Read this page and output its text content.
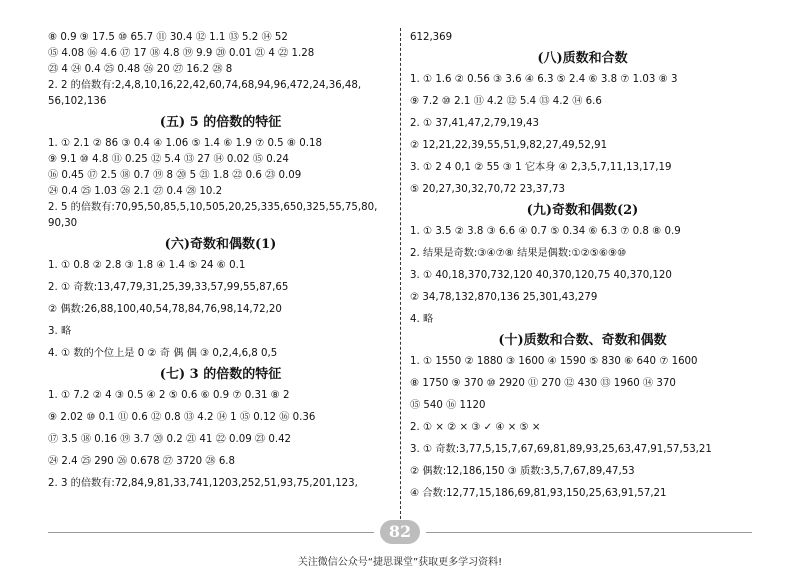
⑧ 0.9 ⑨ 17.5 ⑩ 65.7 ⑪ 30.4 ⑫ 1.1 ⑬ 5.2 ⑭ 52
⑮ 4.08 ⑯ 4.6 ⑰ 17 ⑱ 4.8 ⑲ 9.9 ⑳ 0.01 ㉑ 4 ㉒ 1.28
㉓ 4 ㉔ 0.4 ㉕ 0.48 ㉖ 20 ㉗ 16.2 ㉘ 8
2. 2 的倍数有:2,4,8,10,16,22,42,60,74,68,94,96,472,24,36,48,
56,102,136
(五) 5 的倍数的特征
1. ① 2.1 ② 86 ③ 0.4 ④ 1.06 ⑤ 1.4 ⑥ 1.9 ⑦ 0.5 ⑧ 0.18
⑨ 9.1 ⑩ 4.8 ⑪ 0.25 ⑫ 5.4 ⑬ 27 ⑭ 0.02 ⑮ 0.24
⑯ 0.45 ⑰ 2.5 ⑱ 0.7 ⑲ 8 ⑳ 5 ㉑ 1.8 ㉒ 0.6 ㉓ 0.09
㉔ 0.4 ㉕ 1.03 ㉖ 2.1 ㉗ 0.4 ㉘ 10.2
2. 5 的倍数有:70,95,50,85,5,10,505,20,25,335,650,325,55,75,80,
90,30
(六)奇数和偶数(1)
1. ① 0.8 ② 2.8 ③ 1.8 ④ 1.4 ⑤ 24 ⑥ 0.1
2. ① 奇数:13,47,79,31,25,39,33,57,99,55,87,65
② 偶数:26,88,100,40,54,78,84,76,98,14,72,20
3. 略
4. ① 数的个位上是 0 ② 奇 偶 偶 ③ 0,2,4,6,8 0,5
(七) 3 的倍数的特征
1. ① 7.2 ② 4 ③ 0.5 ④ 2 ⑤ 0.6 ⑥ 0.9 ⑦ 0.31 ⑧ 2
⑨ 2.02 ⑩ 0.1 ⑪ 0.6 ⑫ 0.8 ⑬ 4.2 ⑭ 1 ⑮ 0.12 ⑯ 0.36
⑰ 3.5 ⑱ 0.16 ⑲ 3.7 ⑳ 0.2 ㉑ 41 ㉒ 0.09 ㉓ 0.42
㉔ 2.4 ㉕ 290 ㉖ 0.678 ㉗ 3720 ㉘ 6.8
2. 3 的倍数有:72,84,9,81,33,741,1203,252,51,93,75,201,123,
612,369
(八)质数和合数
1. ① 1.6 ② 0.56 ③ 3.6 ④ 6.3 ⑤ 2.4 ⑥ 3.8 ⑦ 1.03 ⑧ 3
⑨ 7.2 ⑩ 2.1 ⑪ 4.2 ⑫ 5.4 ⑬ 4.2 ⑭ 6.6
2. ① 37,41,47,2,79,19,43
② 12,21,22,39,55,51,9,82,27,49,52,91
3. ① 2 4 0,1 ② 55 ③ 1 它本身 ④ 2,3,5,7,11,13,17,19
⑤ 20,27,30,32,70,72 23,37,73
(九)奇数和偶数(2)
1. ① 3.5 ② 3.8 ③ 6.6 ④ 0.7 ⑤ 0.34 ⑥ 6.3 ⑦ 0.8 ⑧ 0.9
2. 结果是奇数:③④⑦⑧ 结果是偶数:①②⑤⑥⑨⑩
3. ① 40,18,370,732,120 40,370,120,75 40,370,120
② 34,78,132,870,136 25,301,43,279
4. 略
(十)质数和合数、奇数和偶数
1. ① 1550 ② 1880 ③ 1600 ④ 1590 ⑤ 830 ⑥ 640 ⑦ 1600
⑧ 1750 ⑨ 370 ⑩ 2920 ⑪ 270 ⑫ 430 ⑬ 1960 ⑭ 370
⑮ 540 ⑯ 1120
2. ① × ② × ③ ✓ ④ × ⑤ ×
3. ① 奇数:3,77,5,15,7,67,69,81,89,93,25,63,47,91,57,53,21
② 偶数:12,186,150 ③ 质数:3,5,7,67,89,47,53
④ 合数:12,77,15,186,69,81,93,150,25,63,91,57,21
82
关注微信公众号“捷思课堂”获取更多学习资料!
